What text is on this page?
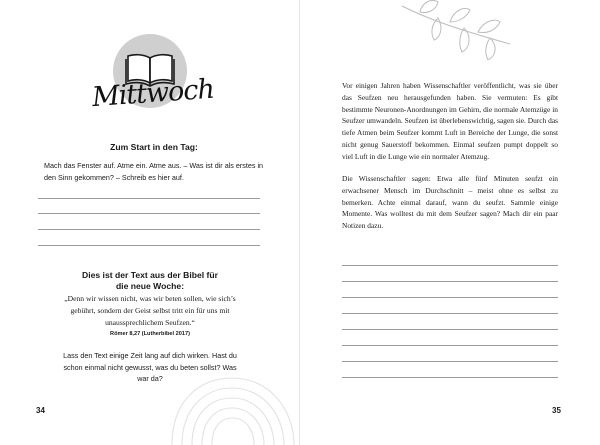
Mittwoch
Zum Start in den Tag:
Mach das Fenster auf. Atme ein. Atme aus. – Was ist dir als erstes in den Sinn gekommen? – Schreib es hier auf.
Dies ist der Text aus der Bibel für die neue Woche:
„Denn wir wissen nicht, was wir beten sollen, wie sich’s gebührt, sondern der Geist selbst tritt ein für uns mit unaussprechlichem Seufzen.“
Römer 8,27 (Lutherbibel 2017)
Lass den Text einige Zeit lang auf dich wirken. Hast du schon einmal nicht gewusst, was du beten sollst? Was war da?
34
Vor einigen Jahren haben Wissenschaftler veröffentlicht, was sie über das Seufzen neu herausgefunden haben. Sie vermuten: Es gibt bestimmte Neuronen-Anordnungen im Gehirn, die normale Atemzüge in Seufzer umwandeln. Seufzen ist überlebenswichtig, sagen sie. Durch das tiefe Atmen beim Seufzer kommt Luft in Bereiche der Lunge, die sonst nicht genug Sauerstoff bekommen. Einmal seufzen pumpt doppelt so viel Luft in die Lunge wie ein normaler Atemzug.
Die Wissenschaftler sagen: Etwa alle fünf Minuten seufzt ein erwachsener Mensch im Durchschnitt – meist ohne es selbst zu bemerken. Achte einmal darauf, wann du seufzt. Sammle einige Momente. Was wolltest du mit dem Seufzer sagen? Mach dir ein paar Notizen dazu.
35
